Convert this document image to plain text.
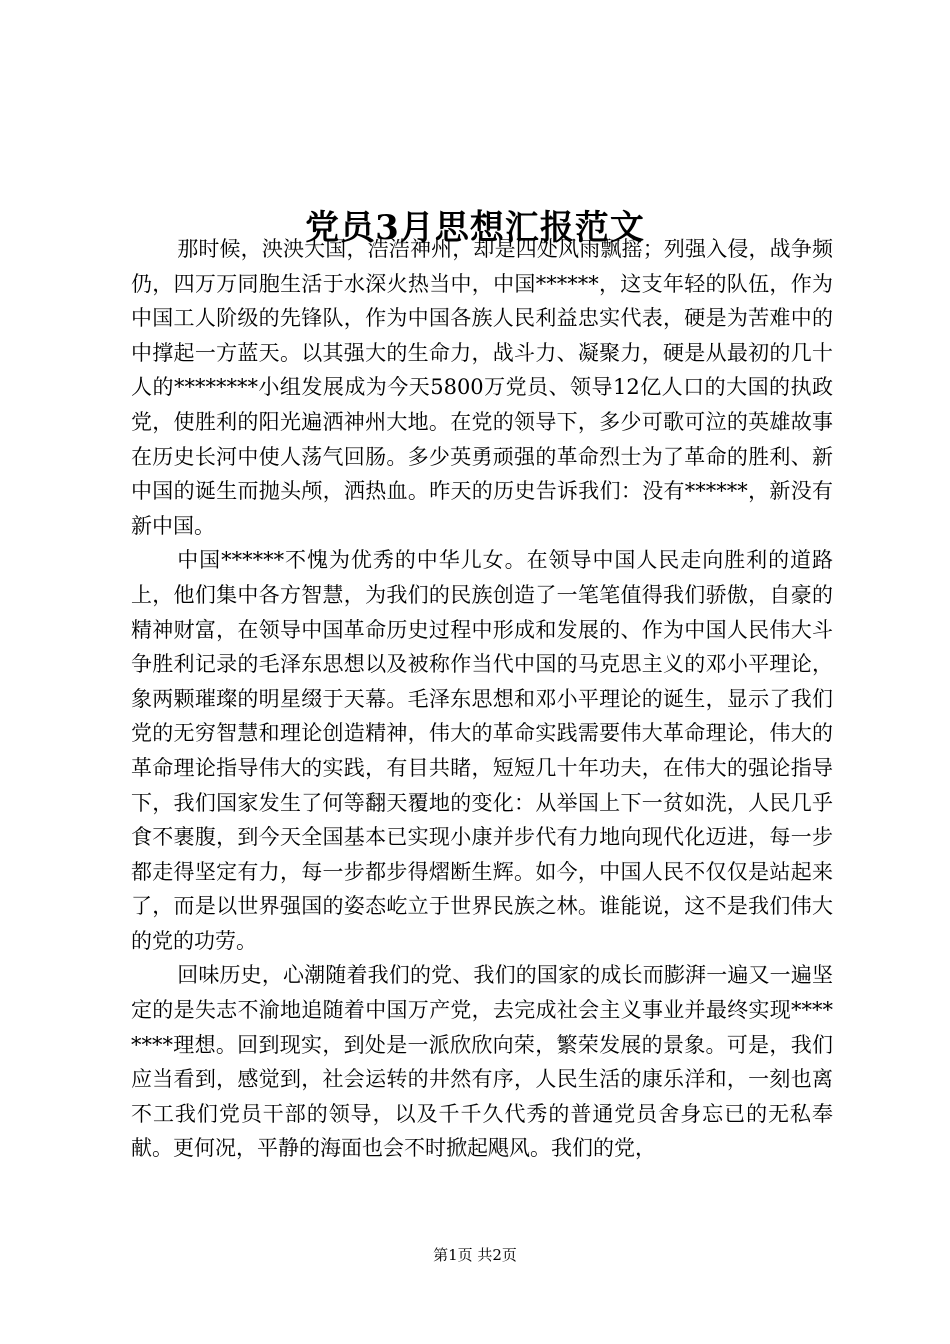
党员3月思想汇报范文

那时候，泱泱大国，浩浩神州，却是四处风雨飘摇；列强入侵，战争频仍，四万万同胞生活于水深火热当中，中国******，这支年轻的队伍，作为中国工人阶级的先锋队，作为中国各族人民利益忠实代表，硬是为苦难中的中撑起一方蓝天。以其强大的生命力，战斗力、凝聚力，硬是从最初的几十人的********小组发展成为今天5800万党员、领导12亿人口的大国的执政党，使胜利的阳光遍洒神州大地。在党的领导下，多少可歌可泣的英雄故事在历史长河中使人荡气回肠。多少英勇顽强的革命烈士为了革命的胜利、新中国的诞生而抛头颅，洒热血。昨天的历史告诉我们：没有******，新没有新中国。

中国******不愧为优秀的中华儿女。在领导中国人民走向胜利的道路上，他们集中各方智慧，为我们的民族创造了一笔笔值得我们骄傲，自豪的精神财富，在领导中国革命历史过程中形成和发展的、作为中国人民伟大斗争胜利记录的毛泽东思想以及被称作当代中国的马克思主义的邓小平理论，象两颗璀璨的明星缀于天幕。毛泽东思想和邓小平理论的诞生，显示了我们党的无穷智慧和理论创造精神，伟大的革命实践需要伟大革命理论，伟大的革命理论指导伟大的实践，有目共睹，短短几十年功夫，在伟大的强论指导下，我们国家发生了何等翻天覆地的变化：从举国上下一贫如洗，人民几乎食不裹腹，到今天全国基本已实现小康并步代有力地向现代化迈进，每一步都走得坚定有力，每一步都步得熠断生辉。如今，中国人民不仅仅是站起来了，而是以世界强国的姿态屹立于世界民族之林。谁能说，这不是我们伟大的党的功劳。

回味历史，心潮随着我们的党、我们的国家的成长而膨湃一遍又一遍坚定的是失志不渝地追随着中国万产党，去完成社会主义事业并最终实现********理想。回到现实，到处是一派欣欣向荣，繁荣发展的景象。可是，我们应当看到，感觉到，社会运转的井然有序，人民生活的康乐洋和，一刻也离不工我们党员干部的领导，以及千千久代秀的普通党员舍身忘已的无私奉献。更何况，平静的海面也会不时掀起飓风。我们的党，

第1页 共2页
